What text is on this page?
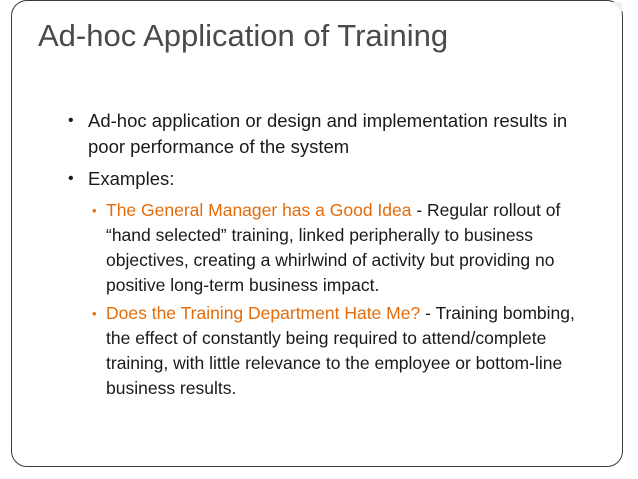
Ad-hoc Application of Training
• Ad-hoc application or design and implementation results in poor performance of the system
• Examples:
• The General Manager has a Good Idea - Regular rollout of “hand selected” training, linked peripherally to business objectives, creating a whirlwind of activity but providing no positive long-term business impact.
• Does the Training Department Hate Me? - Training bombing, the effect of constantly being required to attend/complete training, with little relevance to the employee or bottom-line business results.
